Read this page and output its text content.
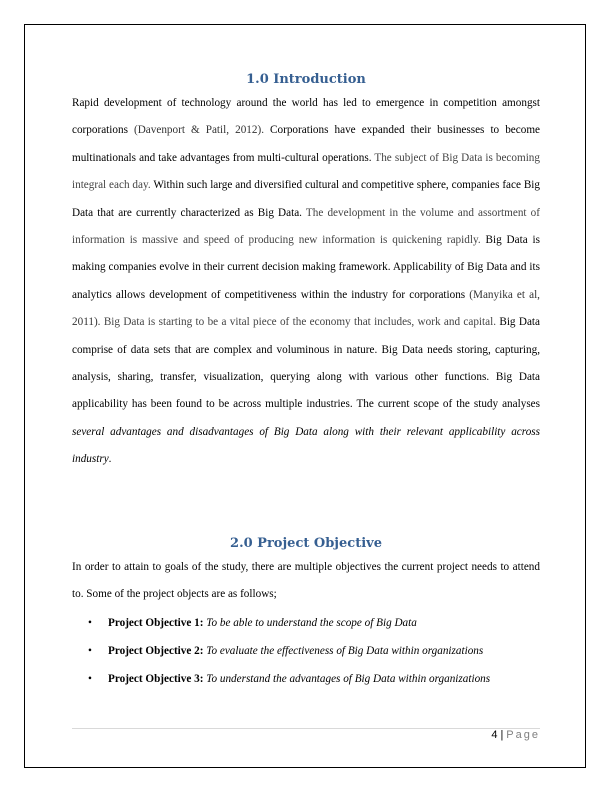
1.0 Introduction

Rapid development of technology around the world has led to emergence in competition amongst corporations (Davenport & Patil, 2012). Corporations have expanded their businesses to become multinationals and take advantages from multi-cultural operations. The subject of Big Data is becoming integral each day. Within such large and diversified cultural and competitive sphere, companies face Big Data that are currently characterized as Big Data. The development in the volume and assortment of information is massive and speed of producing new information is quickening rapidly. Big Data is making companies evolve in their current decision making framework. Applicability of Big Data and its analytics allows development of competitiveness within the industry for corporations (Manyika et al, 2011). Big Data is starting to be a vital piece of the economy that includes, work and capital. Big Data comprise of data sets that are complex and voluminous in nature. Big Data needs storing, capturing, analysis, sharing, transfer, visualization, querying along with various other functions. Big Data applicability has been found to be across multiple industries. The current scope of the study analyses several advantages and disadvantages of Big Data along with their relevant applicability across industry.

2.0 Project Objective

In order to attain to goals of the study, there are multiple objectives the current project needs to attend to. Some of the project objects are as follows;

• Project Objective 1: To be able to understand the scope of Big Data
• Project Objective 2: To evaluate the effectiveness of Big Data within organizations
• Project Objective 3: To understand the advantages of Big Data within organizations
4 | Page
